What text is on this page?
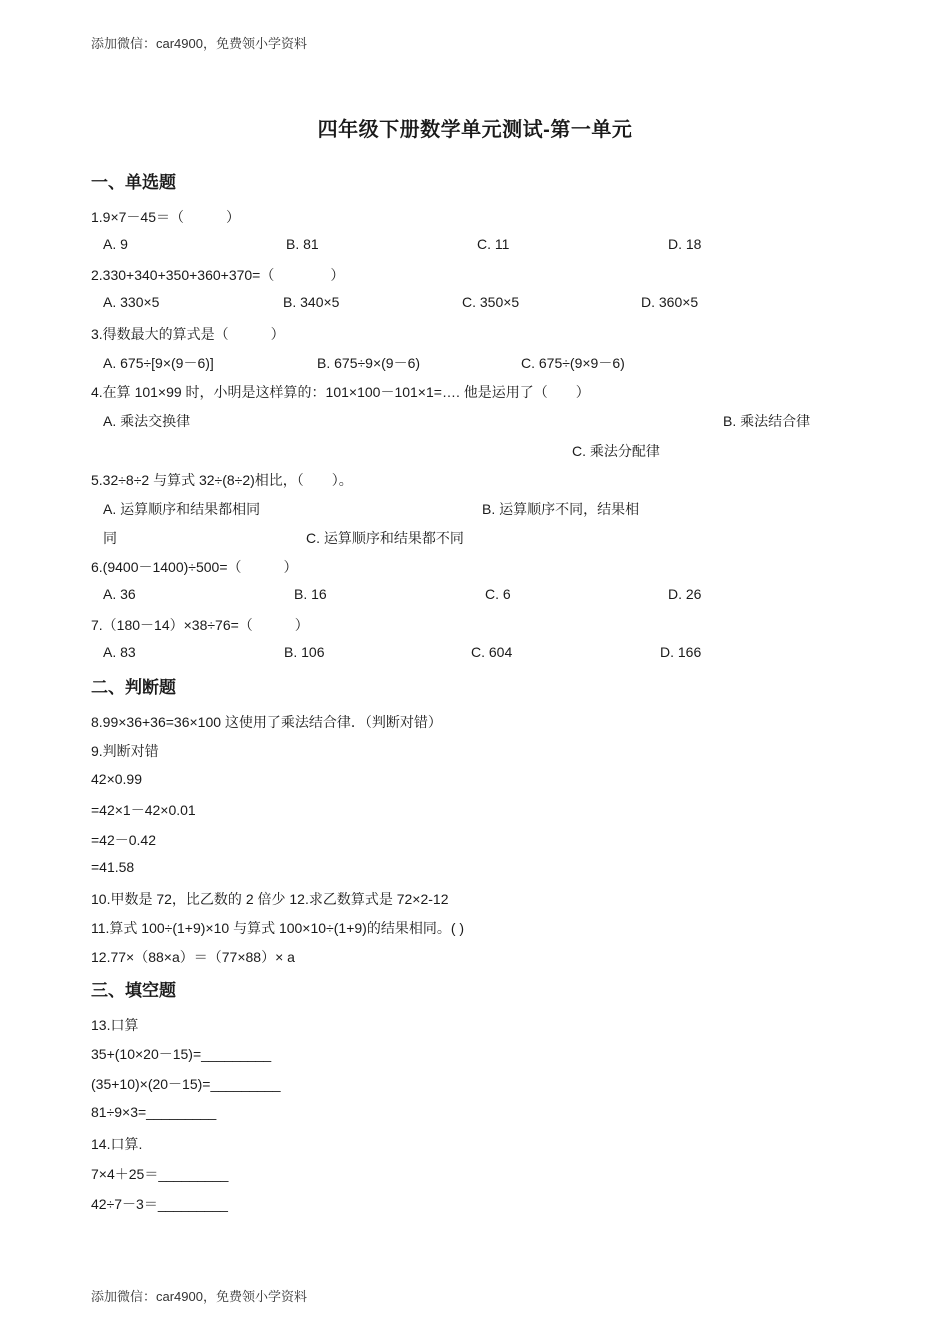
添加微信：car4900，免费领小学资料
四年级下册数学单元测试-第一单元
一、单选题
1.9×7－45＝（　　　）
A. 9	B. 81	C. 11	D. 18
2.330+340+350+360+370=（　　　　）
A. 330×5	B. 340×5	C. 350×5	D. 360×5
3.得数最大的算式是（　　　）
A. 675÷[9×(9－6)]	B. 675÷9×(9－6)	C. 675÷(9×9－6)
4.在算 101×99 时，小明是这样算的：101×100－101×1=…. 他是运用了（　　）
A. 乘法交换律	B. 乘法结合律
C. 乘法分配律
5.32÷8÷2 与算式 32÷(8÷2)相比，（　　）。
A. 运算顺序和结果都相同	B. 运算顺序不同，结果相
同	C. 运算顺序和结果都不同
6.(9400－1400)÷500=（　　　）
A. 36	B. 16	C. 6	D. 26
7.（180－14）×38÷76=（　　　）
A. 83	B. 106	C. 604	D. 166
二、判断题
8.99×36+36=36×100 这使用了乘法结合律．（判断对错）
9.判断对错
42×0.99
=42×1－42×0.01
=42－0.42
=41.58
10.甲数是 72，比乙数的 2 倍少 12.求乙数算式是 72×2-12
11.算式 100÷(1+9)×10 与算式 100×10÷(1+9)的结果相同。( )
12.77×（88×a）＝（77×88）× a
三、填空题
13.口算
35+(10×20－15)=_________
(35+10)×(20－15)=_________
81÷9×3=_________
14.口算.
7×4＋25＝_________
42÷7－3＝_________
添加微信：car4900，免费领小学资料
